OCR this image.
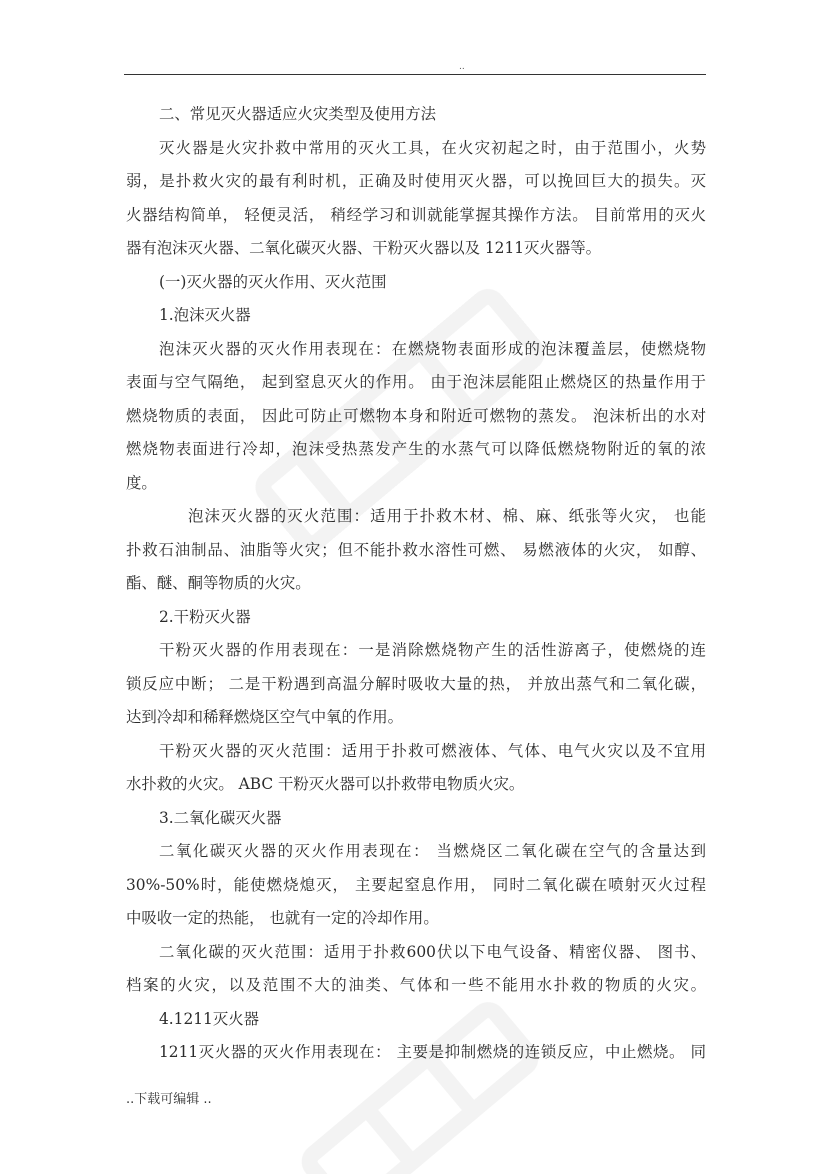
..
二、常见灭火器适应火灾类型及使用方法
灭火器是火灾扑救中常用的灭火工具，在火灾初起之时，由于范围小，火势
弱，是扑救火灾的最有利时机，正确及时使用灭火器，可以挽回巨大的损失。灭
火器结构简单， 轻便灵活， 稍经学习和训就能掌握其操作方法。 目前常用的灭火
器有泡沫灭火器、二氧化碳灭火器、干粉灭火器以及 1211灭火器等。
(一)灭火器的灭火作用、灭火范围
1.泡沫灭火器
泡沫灭火器的灭火作用表现在：在燃烧物表面形成的泡沫覆盖层，使燃烧物
表面与空气隔绝， 起到窒息灭火的作用。 由于泡沫层能阻止燃烧区的热量作用于
燃烧物质的表面， 因此可防止可燃物本身和附近可燃物的蒸发。 泡沫析出的水对
燃烧物表面进行冷却，泡沫受热蒸发产生的水蒸气可以降低燃烧物附近的氧的浓
度。
泡沫灭火器的灭火范围：适用于扑救木材、棉、麻、纸张等火灾， 也能
扑救石油制品、油脂等火灾；但不能扑救水溶性可燃、 易燃液体的火灾， 如醇、
酯、醚、酮等物质的火灾。
2.干粉灭火器
干粉灭火器的作用表现在：一是消除燃烧物产生的活性游离子，使燃烧的连
锁反应中断； 二是干粉遇到高温分解时吸收大量的热， 并放出蒸气和二氧化碳，
达到冷却和稀释燃烧区空气中氧的作用。
干粉灭火器的灭火范围：适用于扑救可燃液体、气体、电气火灾以及不宜用
水扑救的火灾。 ABC 干粉灭火器可以扑救带电物质火灾。
3.二氧化碳灭火器
二氧化碳灭火器的灭火作用表现在： 当燃烧区二氧化碳在空气的含量达到
30%-50%时，能使燃烧熄灭， 主要起窒息作用， 同时二氧化碳在喷射灭火过程
中吸收一定的热能， 也就有一定的冷却作用。
二氧化碳的灭火范围：适用于扑救600伏以下电气设备、精密仪器、 图书、
档案的火灾，以及范围不大的油类、气体和一些不能用水扑救的物质的火灾。
4.1211灭火器
1211灭火器的灭火作用表现在： 主要是抑制燃烧的连锁反应，中止燃烧。 同
..下载可编辑 ..
